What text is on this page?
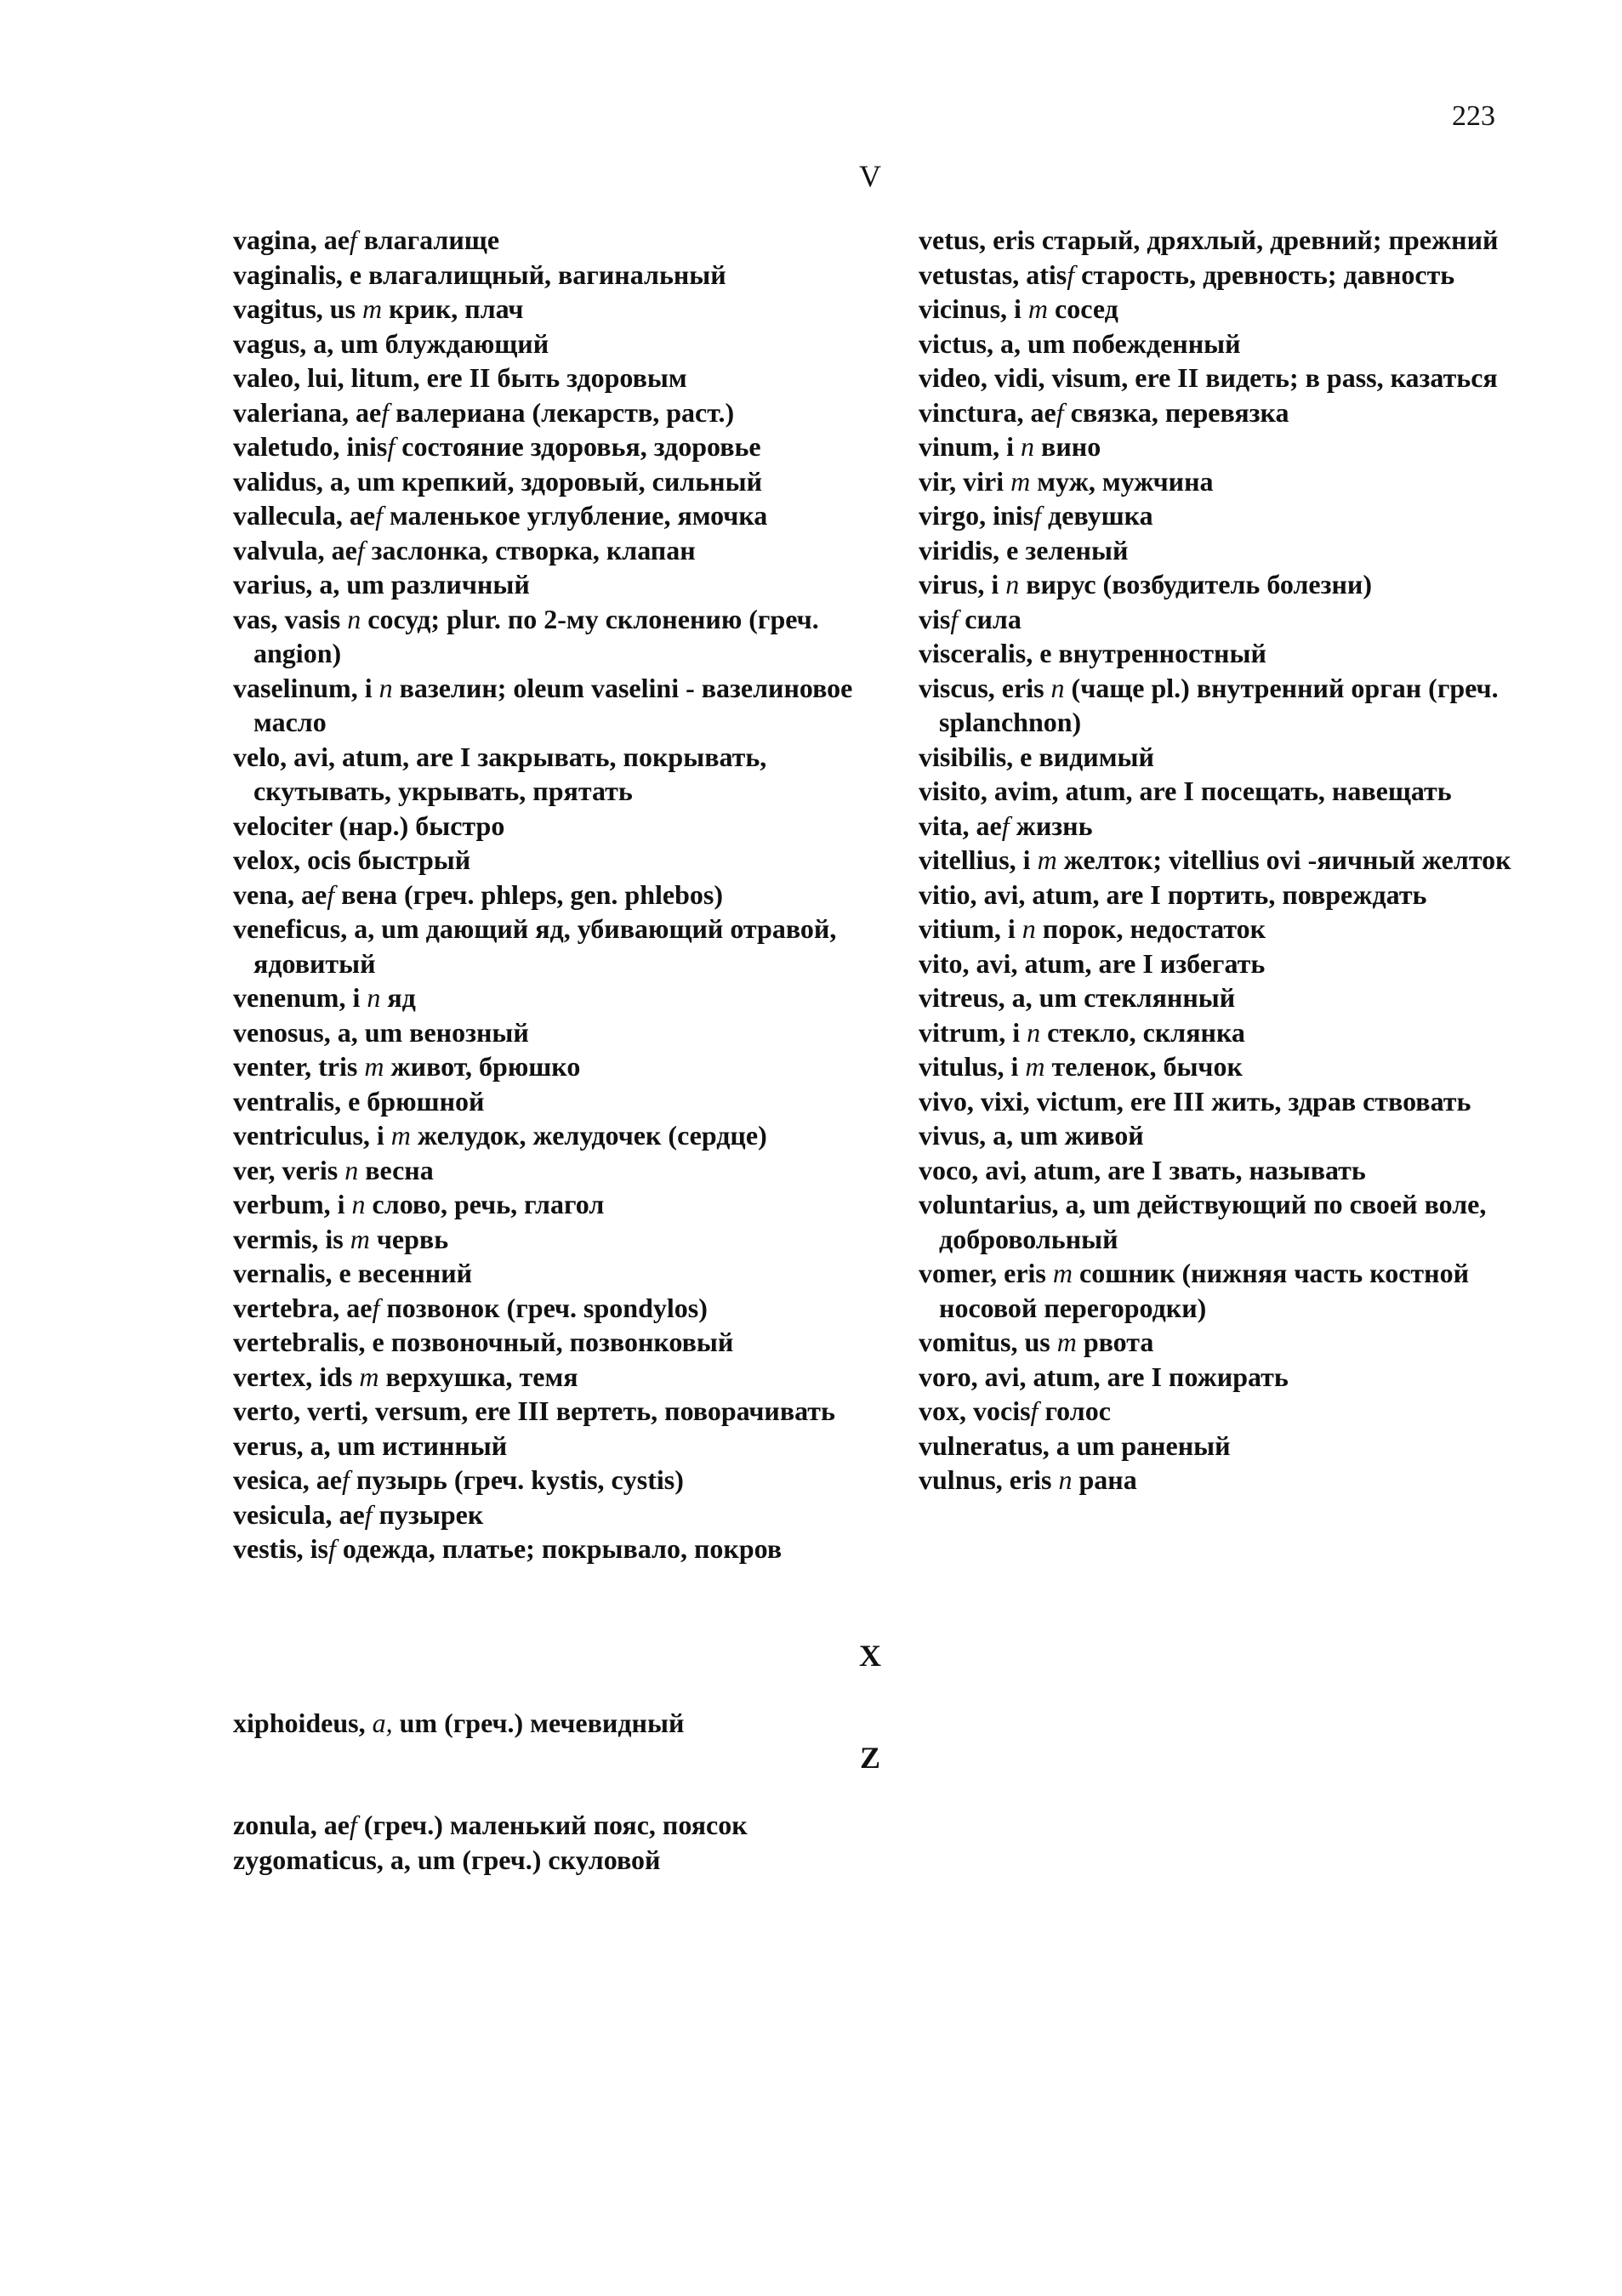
223
V
vagina, aef влагалище
vaginalis, e влагалищный, вагинальный
vagitus, us m крик, плач
vagus, a, um блуждающий
valeo, lui, litum, ere II быть здоровым
valeriana, aef валериана (лекарств, раст.)
valetudo, inisf состояние здоровья, здоровье
validus, a, um крепкий, здоровый, сильный
vallecula, aef маленькое углубление, ямочка
valvula, aef заслонка, створка, клапан
varius, a, um различный
vas, vasis n сосуд; plur. по 2-му склонению (греч. angion)
vaselinum, i n вазелин; oleum vaselini - вазелиновое масло
velo, avi, atum, are I закрывать, покрывать, скутывать, укрывать, прятать
velociter (нар.) быстро
velox, ocis быстрый
vena, aef вена (греч. phleps, gen. phlebos)
veneficus, a, um дающий яд, убивающий отравой, ядовитый
venenum, i n яд
venosus, a, um венозный
venter, tris m живот, брюшко
ventralis, e брюшной
ventriculus, i m желудок, желудочек (сердце)
ver, veris n весна
verbum, i n слово, речь, глагол
vermis, is m червь
vernalis, e весенний
vertebra, aef позвонок (греч. spondylos)
vertebralis, e позвоночный, позвонковый
vertex, ids m верхушка, темя
verto, verti, versum, ere III вертеть, поворачивать
verus, a, um истинный
vesica, aef пузырь (греч. kystis, cystis)
vesicula, aef пузырек
vestis, isf одежда, платье; покрывало, покров
vetus, eris старый, дряхлый, древний; прежний
vetustas, atisf старость, древность; давность
vicinus, i m сосед
victus, a, um побежденный
video, vidi, visum, ere II видеть; в pass, казаться
vinctura, aef связка, перевязка
vinum, i n вино
vir, viri m муж, мужчина
virgo, inisf девушка
viridis, e зеленый
virus, i n вирус (возбудитель болезни)
visf сила
visceralis, e внутренностный
viscus, eris n (чаще pl.) внутренний орган (греч. splanchnon)
visibilis, e видимый
visito, avim, atum, are I посещать, навещать
vita, aef жизнь
vitellius, i m желток; vitellius ovi -яичный желток
vitio, avi, atum, are I портить, повреждать
vitium, i n порок, недостаток
vito, avi, atum, are I избегать
vitreus, a, um стеклянный
vitrum, i n стекло, склянка
vitulus, i m теленок, бычок
vivo, vixi, victum, ere III жить, здрав ствовать
vivus, a, um живой
voco, avi, atum, are I звать, называть
voluntarius, a, um действующий по своей воле, добровольный
vomer, eris m сошник (нижняя часть костной носовой перегородки)
vomitus, us m рвота
voro, avi, atum, are I пожирать
vox, vocisf голос
vulneratus, a um раненый
vulnus, eris n рана
X
xiphoideus, a, um (греч.) мечевидный
Z
zonula, aef (греч.) маленький пояс, поясок
zygomaticus, a, um (греч.) скуловой
